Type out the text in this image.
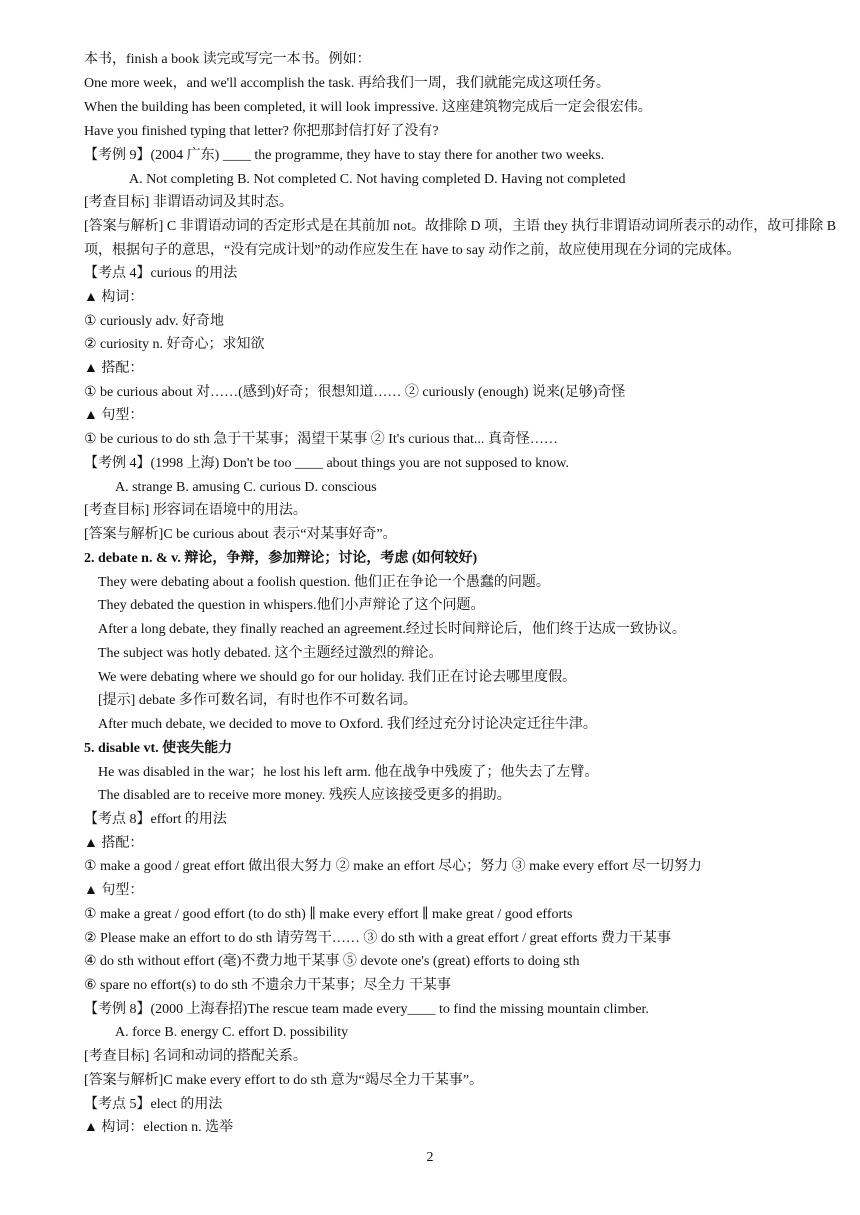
本书，finish a book 读完或写完一本书。例如：
One more week，and we'll accomplish the task. 再给我们一周，我们就能完成这项任务。
When the building has been completed, it will look impressive. 这座建筑物完成后一定会很宏伟。
Have you finished typing that letter? 你把那封信打好了没有?
【考例 9】(2004 广东) ____ the programme, they have to stay there for another two weeks.
A. Not completing B. Not completed C. Not having completed D. Having not completed
[考查目标] 非谓语动词及其时态。
[答案与解析] C 非谓语动词的否定形式是在其前加 not。故排除 D 项，主语 they 执行非谓语动词所表示的动作，故可排除 B 项，根据句子的意思，“没有完成计划”的动作应发生在 have to say 动作之前，故应使用现在分词的完成体。
【考点 4】curious 的用法
▲ 构词：
① curiously adv. 好奇地
② curiosity n. 好奇心；求知欲
▲ 搭配：
① be curious about 对……(感到)好奇；很想知道…… ② curiously (enough) 说来(足够)奇怪
▲ 句型：
① be curious to do sth 急于干某事；渴望干某事 ② It's curious that... 真奇怪……
【考例 4】(1998 上海) Don't be too ____ about things you are not supposed to know.
A. strange B. amusing C. curious D. conscious
[考查目标] 形容词在语境中的用法。
[答案与解析]C be curious about 表示“对某事好奇”。
2. debate n. & v. 辩论，争辩，参加辩论；讨论，考虑 (如何较好)
They were debating about a foolish question. 他们正在争论一个愚蠢的问题。
They debated the question in whispers.他们小声辩论了这个问题。
After a long debate, they finally reached an agreement.经过长时间辩论后，他们终于达成一致协议。
The subject was hotly debated. 这个主题经过激烈的辩论。
We were debating where we should go for our holiday. 我们正在讨论去哪里度假。
[提示] debate 多作可数名词，有时也作不可数名词。
After much debate, we decided to move to Oxford. 我们经过充分讨论决定迁往牛津。
5. disable vt. 使丧失能力
He was disabled in the war；he lost his left arm. 他在战争中残废了；他失去了左臂。
The disabled are to receive more money. 残疾人应该接受更多的捐助。
【考点 8】effort 的用法
▲ 搭配：
① make a good / great effort 做出很大努力 ② make an effort 尽心；努力 ③ make every effort 尽一切努力
▲ 句型：
① make a great / good effort (to do sth) ∥ make every effort ∥ make great / good efforts
② Please make an effort to do sth 请劳驾干…… ③ do sth with a great effort / great efforts 费力干某事
④ do sth without effort (毫)不费力地干某事 ⑤ devote one's (great) efforts to doing sth
⑥ spare no effort(s) to do sth 不遗余力干某事；尽全力 干某事
【考例 8】(2000 上海春招)The rescue team made every____ to find the missing mountain climber.
A. force B. energy C. effort D. possibility
[考查目标] 名词和动词的搭配关系。
[答案与解析]C make every effort to do sth 意为“竭尽全力干某事”。
【考点 5】elect 的用法
▲ 构词：election n. 选举
2
